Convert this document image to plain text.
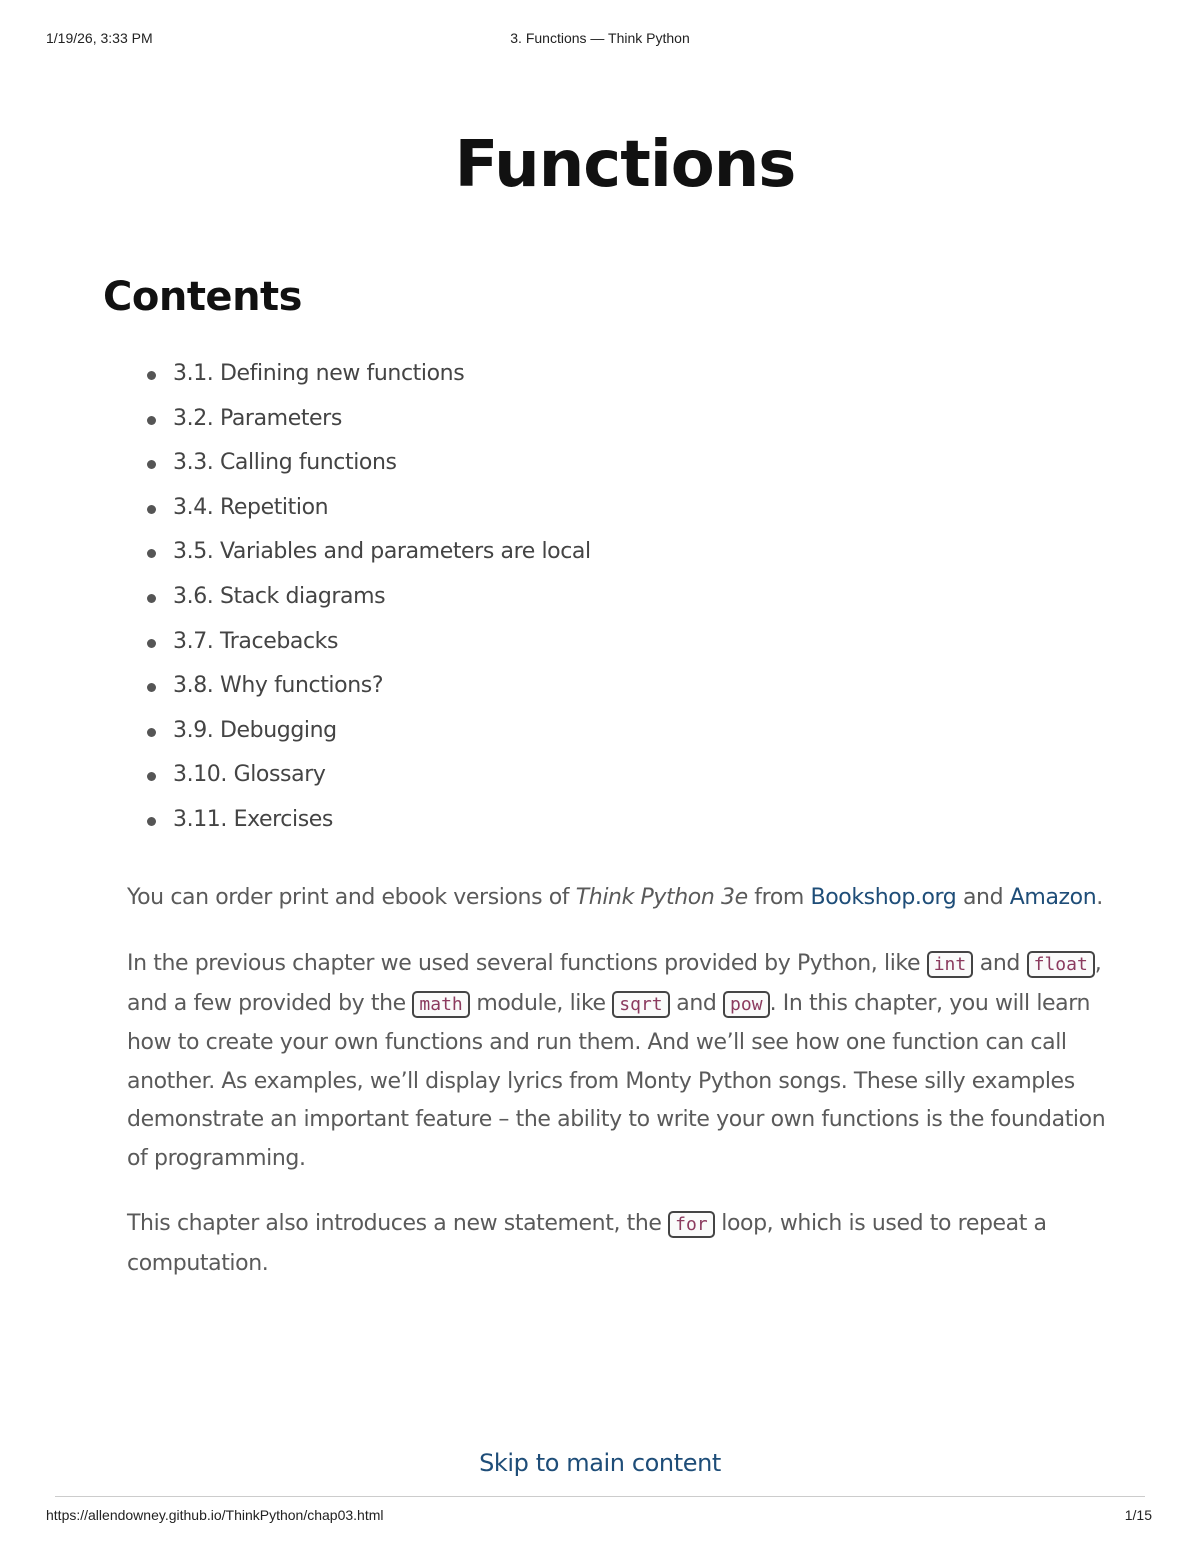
1/19/26, 3:33 PM	3. Functions — Think Python
Functions
Contents
3.1. Defining new functions
3.2. Parameters
3.3. Calling functions
3.4. Repetition
3.5. Variables and parameters are local
3.6. Stack diagrams
3.7. Tracebacks
3.8. Why functions?
3.9. Debugging
3.10. Glossary
3.11. Exercises

You can order print and ebook versions of Think Python 3e from Bookshop.org and Amazon.

In the previous chapter we used several functions provided by Python, like int and float , and a few provided by the math module, like sqrt and pow . In this chapter, you will learn how to create your own functions and run them. And we’ll see how one function can call another. As examples, we’ll display lyrics from Monty Python songs. These silly examples demonstrate an important feature – the ability to write your own functions is the foundation of programming.

This chapter also introduces a new statement, the for loop, which is used to repeat a computation.

Skip to main content
https://allendowney.github.io/ThinkPython/chap03.html	1/15
